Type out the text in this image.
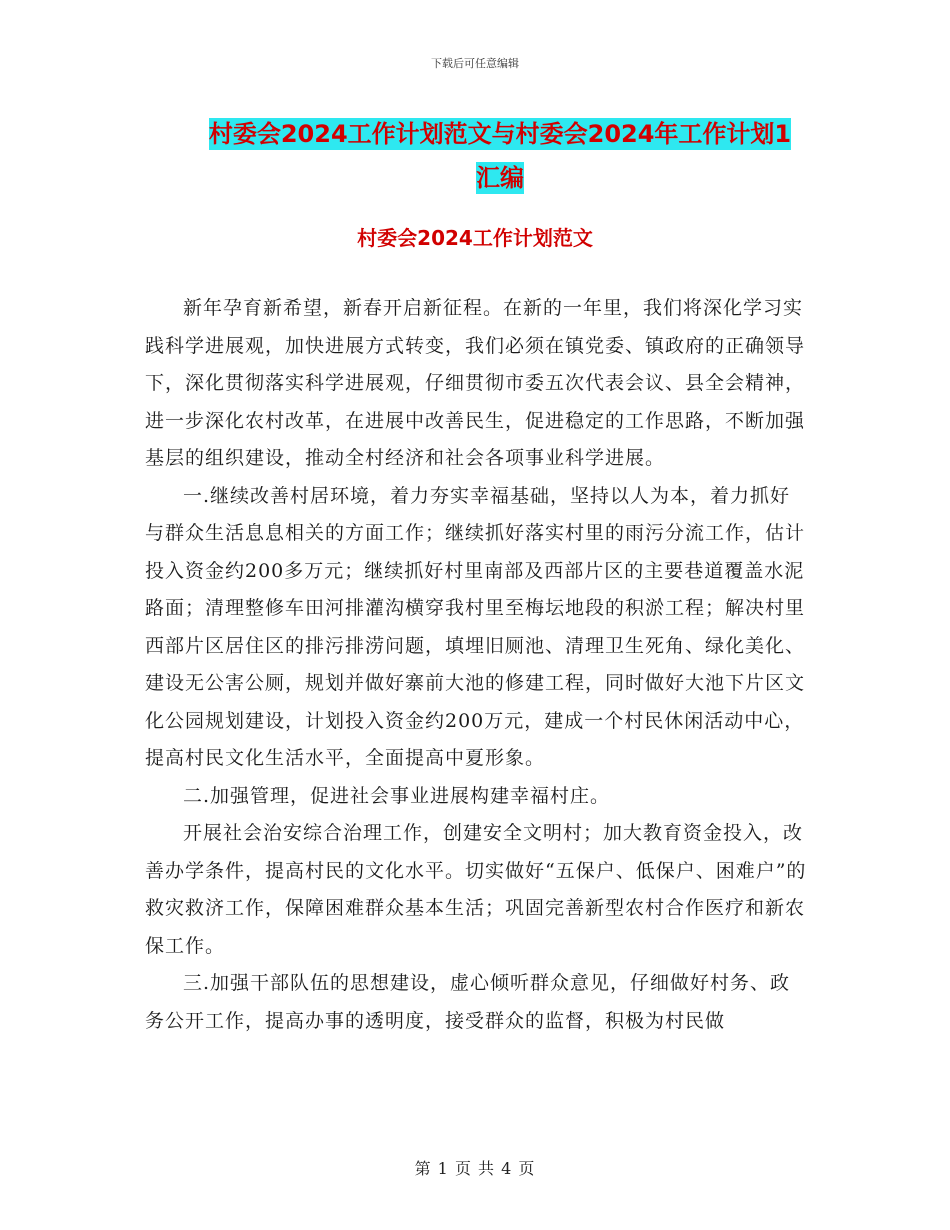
下载后可任意编辑
村委会2024工作计划范文与村委会2024年工作计划1
汇编
村委会2024工作计划范文

新年孕育新希望，新春开启新征程。在新的一年里，我们将深化学习实践科学进展观，加快进展方式转变，我们必须在镇党委、镇政府的正确领导下，深化贯彻落实科学进展观，仔细贯彻市委五次代表会议、县全会精神，进一步深化农村改革，在进展中改善民生，促进稳定的工作思路，不断加强基层的组织建设，推动全村经济和社会各项事业科学进展。

一.继续改善村居环境，着力夯实幸福基础，坚持以人为本，着力抓好与群众生活息息相关的方面工作；继续抓好落实村里的雨污分流工作，估计投入资金约200多万元；继续抓好村里南部及西部片区的主要巷道覆盖水泥路面；清理整修车田河排灌沟横穿我村里至梅坛地段的积淤工程；解决村里西部片区居住区的排污排涝问题，填埋旧厕池、清理卫生死角、绿化美化、建设无公害公厕，规划并做好寨前大池的修建工程，同时做好大池下片区文化公园规划建设，计划投入资金约200万元，建成一个村民休闲活动中心，提高村民文化生活水平，全面提高中夏形象。

二.加强管理，促进社会事业进展构建幸福村庄。

开展社会治安综合治理工作，创建安全文明村；加大教育资金投入，改善办学条件，提高村民的文化水平。切实做好“五保户、低保户、困难户”的救灾救济工作，保障困难群众基本生活；巩固完善新型农村合作医疗和新农保工作。

三.加强干部队伍的思想建设，虚心倾听群众意见，仔细做好村务、政务公开工作，提高办事的透明度，接受群众的监督，积极为村民做

第 1 页 共 4 页
